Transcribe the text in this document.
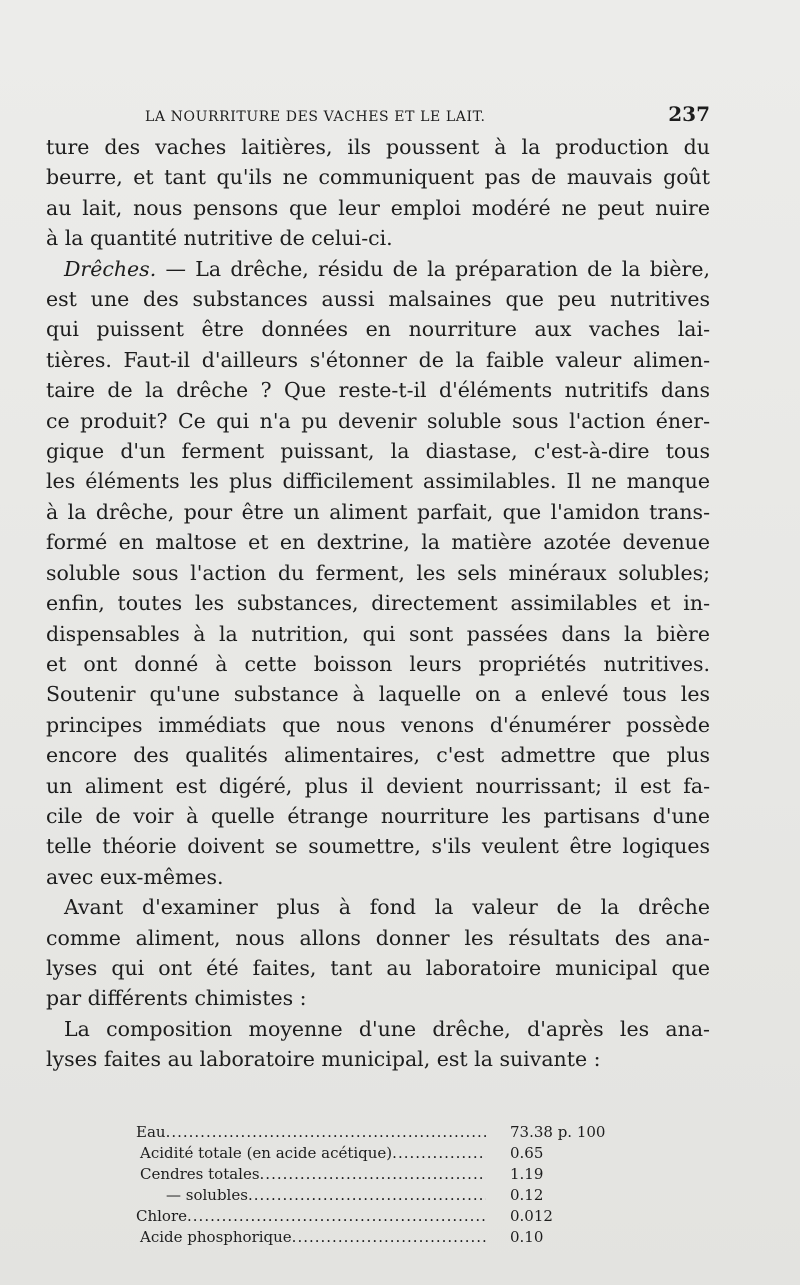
LA NOURRITURE DES VACHES ET LE LAIT.	237
ture des vaches laitières, ils poussent à la production du
beurre, et tant qu'ils ne communiquent pas de mauvais goût
au lait, nous pensons que leur emploi modéré ne peut nuire
à la quantité nutritive de celui-ci.
Drêches. — La drêche, résidu de la préparation de la bière,
est une des substances aussi malsaines que peu nutritives
qui puissent être données en nourriture aux vaches lai-
tières. Faut-il d'ailleurs s'étonner de la faible valeur alimen-
taire de la drêche ? Que reste-t-il d'éléments nutritifs dans
ce produit? Ce qui n'a pu devenir soluble sous l'action éner-
gique d'un ferment puissant, la diastase, c'est-à-dire tous
les éléments les plus difficilement assimilables. Il ne manque
à la drêche, pour être un aliment parfait, que l'amidon trans-
formé en maltose et en dextrine, la matière azotée devenue
soluble sous l'action du ferment, les sels minéraux solubles;
enfin, toutes les substances, directement assimilables et in-
dispensables à la nutrition, qui sont passées dans la bière
et ont donné à cette boisson leurs propriétés nutritives.
Soutenir qu'une substance à laquelle on a enlevé tous les
principes immédiats que nous venons d'énumérer possède
encore des qualités alimentaires, c'est admettre que plus
un aliment est digéré, plus il devient nourrissant; il est fa-
cile de voir à quelle étrange nourriture les partisans d'une
telle théorie doivent se soumettre, s'ils veulent être logiques
avec eux-mêmes.
Avant d'examiner plus à fond la valeur de la drêche
comme aliment, nous allons donner les résultats des ana-
lyses qui ont été faites, tant au laboratoire municipal que
par différents chimistes :
La composition moyenne d'une drêche, d'après les ana-
lyses faites au laboratoire municipal, est la suivante :
Eau .....	73.38 p. 100
Acidité totale (en acide acétique) .....	0.65
Cendres totales .....	1.19
— solubles .....	0.12
Chlore .....	0.012
Acide phosphorique .....	0.10
